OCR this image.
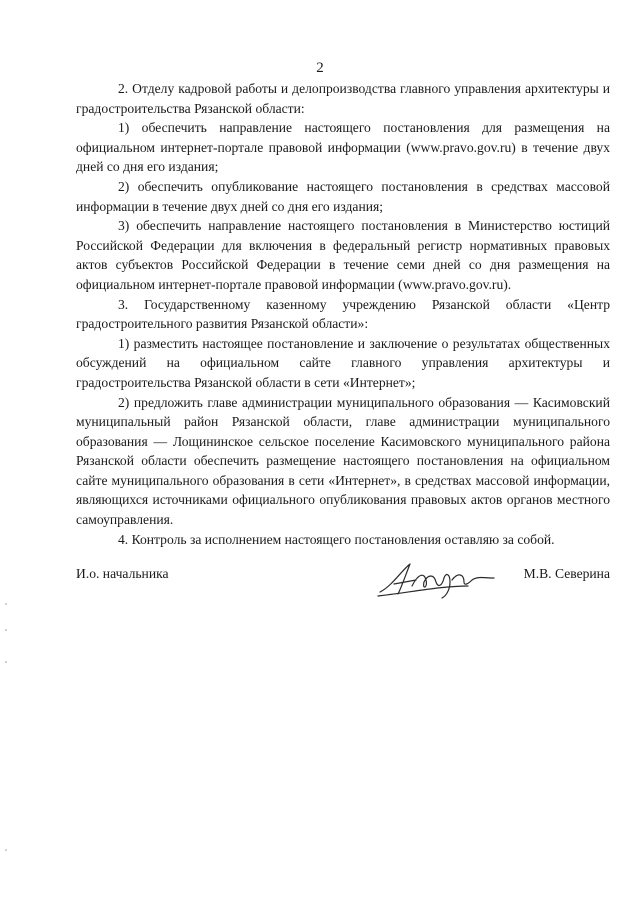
2

2. Отделу кадровой работы и делопроизводства главного управления архитектуры и градостроительства Рязанской области:

1) обеспечить направление настоящего постановления для размещения на официальном интернет-портале правовой информации (www.pravo.gov.ru) в течение двух дней со дня его издания;

2) обеспечить опубликование настоящего постановления в средствах массовой информации в течение двух дней со дня его издания;

3) обеспечить направление настоящего постановления в Министерство юстиций Российской Федерации для включения в федеральный регистр нормативных правовых актов субъектов Российской Федерации в течение семи дней со дня размещения на официальном интернет-портале правовой информации (www.pravo.gov.ru).

3. Государственному казенному учреждению Рязанской области «Центр градостроительного развития Рязанской области»:

1) разместить настоящее постановление и заключение о результатах общественных обсуждений на официальном сайте главного управления архитектуры и градостроительства Рязанской области в сети «Интернет»;

2) предложить главе администрации муниципального образования — Касимовский муниципальный район Рязанской области, главе администрации муниципального образования — Лощининское сельское поселение Касимовского муниципального района Рязанской области обеспечить размещение настоящего постановления на официальном сайте муниципального образования в сети «Интернет», в средствах массовой информации, являющихся источниками официального опубликования правовых актов органов местного самоуправления.

4. Контроль за исполнением настоящего постановления оставляю за собой.

И.о. начальника	М.В. Северина
